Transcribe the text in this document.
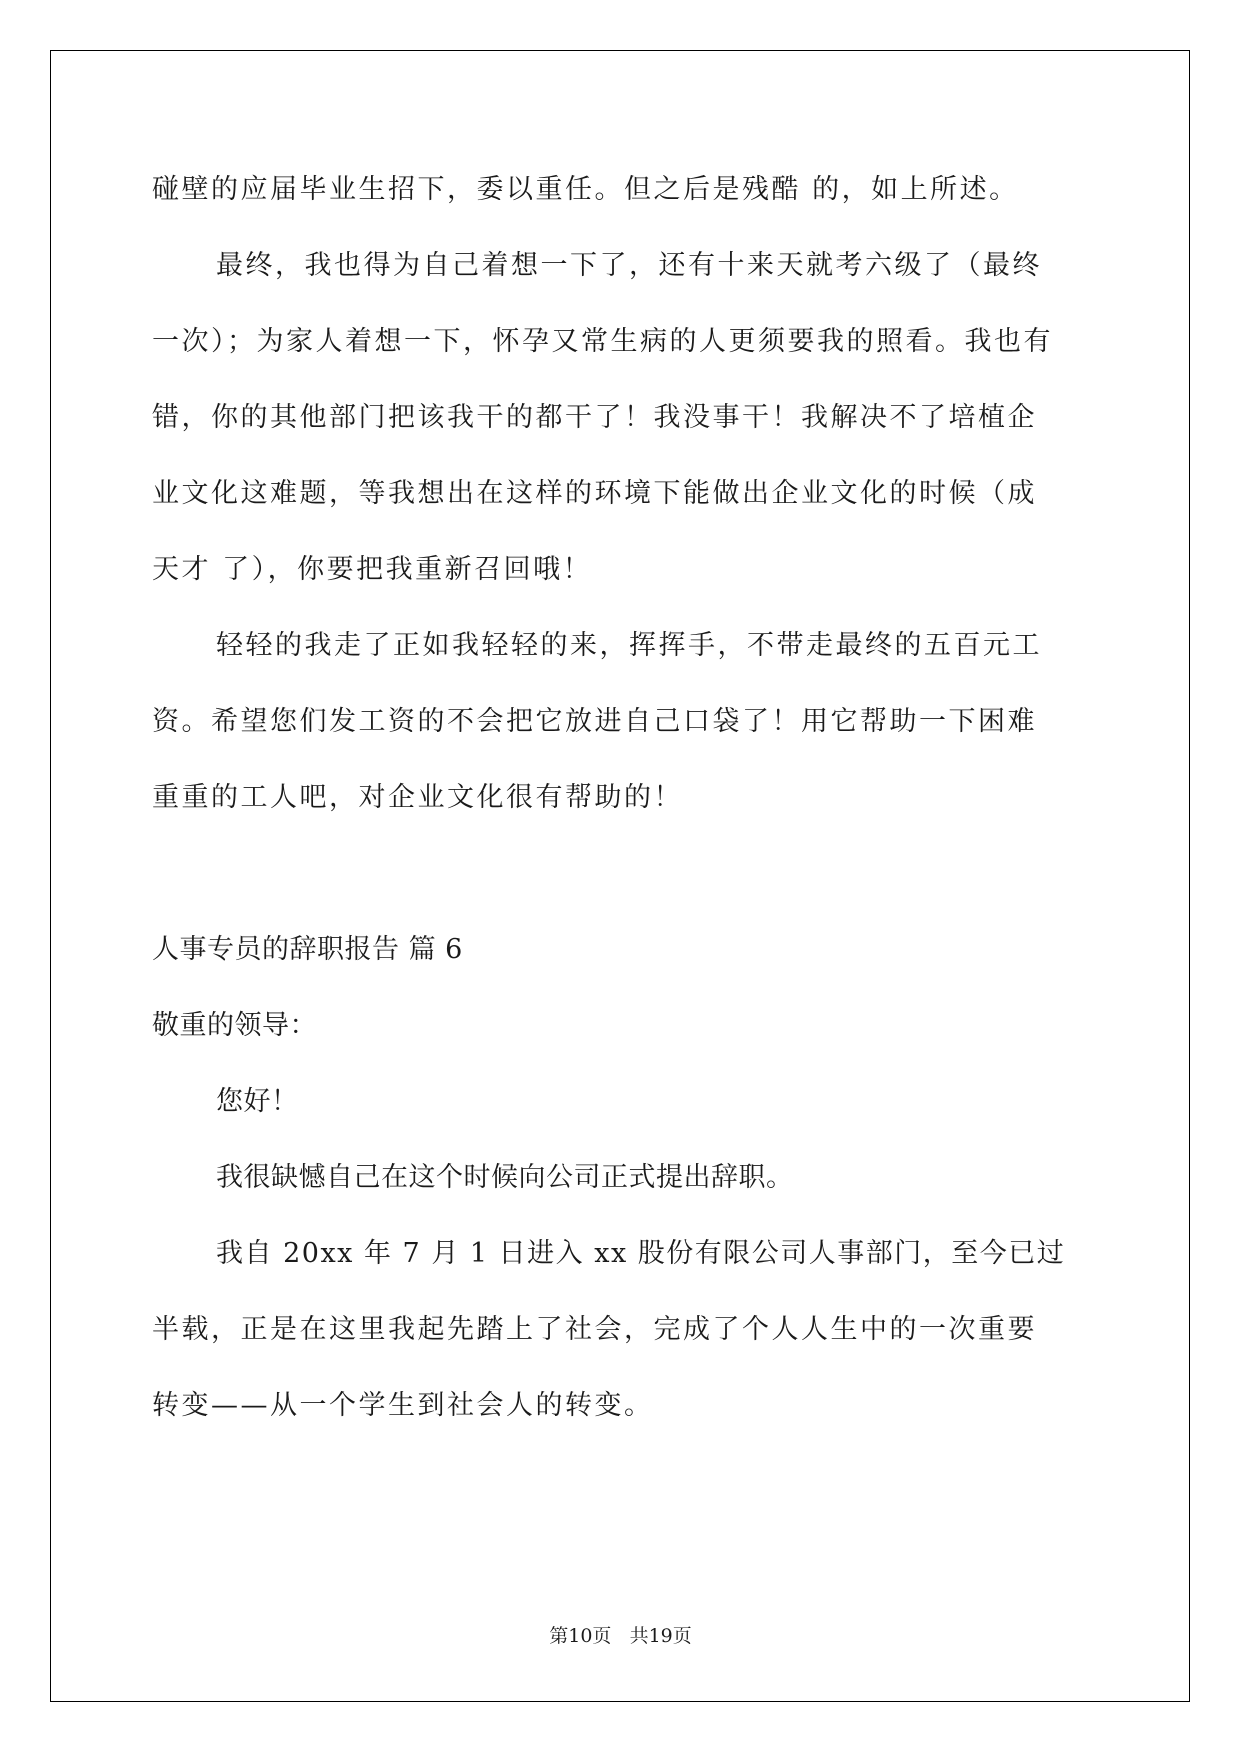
碰壁的应届毕业生招下，委以重任。但之后是残酷 的，如上所述。
最终，我也得为自己着想一下了，还有十来天就考六级了（最终
一次）；为家人着想一下，怀孕又常生病的人更须要我的照看。我也有
错，你的其他部门把该我干的都干了！我没事干！我解决不了培植企
业文化这难题，等我想出在这样的环境下能做出企业文化的时候（成
天才 了），你要把我重新召回哦！
轻轻的我走了正如我轻轻的来，挥挥手，不带走最终的五百元工
资。希望您们发工资的不会把它放进自己口袋了！用它帮助一下困难
重重的工人吧，对企业文化很有帮助的！
人事专员的辞职报告 篇 6
敬重的领导：
您好！
我很缺憾自己在这个时候向公司正式提出辞职。
我自 20xx 年 7 月 1 日进入 xx 股份有限公司人事部门，至今已过
半载，正是在这里我起先踏上了社会，完成了个人人生中的一次重要
转变——从一个学生到社会人的转变。
第10页 共19页
